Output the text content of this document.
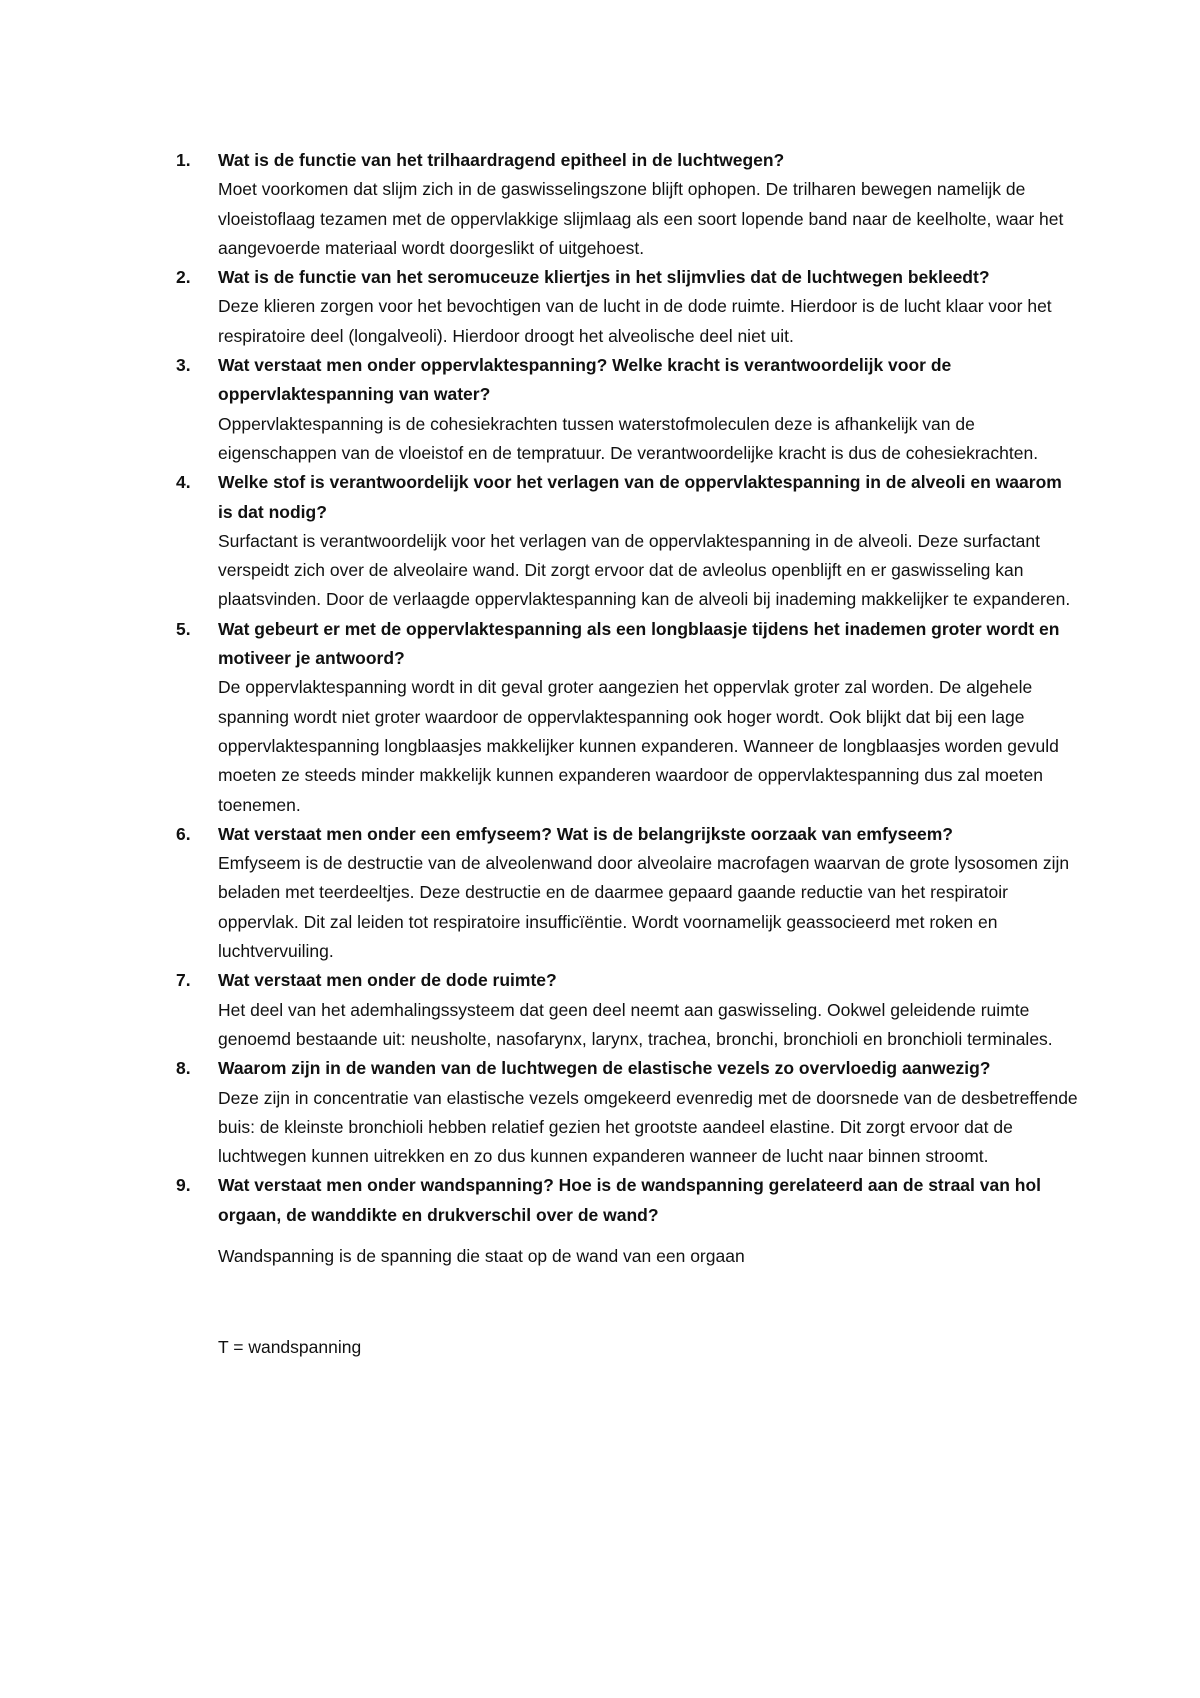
1. Wat is de functie van het trilhaardragend epitheel in de luchtwegen?

Moet voorkomen dat slijm zich in de gaswisselingszone blijft ophopen. De trilharen bewegen namelijk de vloeistoflaag tezamen met de oppervlakkige slijmlaag als een soort lopende band naar de keelholte, waar het aangevoerde materiaal wordt doorgeslikt of uitgehoest.

2. Wat is de functie van het seromuceuze kliertjes in het slijmvlies dat de luchtwegen bekleedt?

Deze klieren zorgen voor het bevochtigen van de lucht in de dode ruimte. Hierdoor is de lucht klaar voor het respiratoire deel (longalveoli). Hierdoor droogt het alveolische deel niet uit.

3. Wat verstaat men onder oppervlaktespanning? Welke kracht is verantwoordelijk voor de oppervlaktespanning van water?

Oppervlaktespanning is de cohesiekrachten tussen waterstofmoleculen deze is afhankelijk van de eigenschappen van de vloeistof en de tempratuur. De verantwoordelijke kracht is dus de cohesiekrachten.

4. Welke stof is verantwoordelijk voor het verlagen van de oppervlaktespanning in de alveoli en waarom is dat nodig?

Surfactant is verantwoordelijk voor het verlagen van de oppervlaktespanning in de alveoli. Deze surfactant verspeidt zich over de alveolaire wand. Dit zorgt ervoor dat de avleolus openblijft en er gaswisseling kan plaatsvinden. Door de verlaagde oppervlaktespanning kan de alveoli bij inademing makkelijker te expanderen.

5. Wat gebeurt er met de oppervlaktespanning als een longblaasje tijdens het inademen groter wordt en motiveer je antwoord?

De oppervlaktespanning wordt in dit geval groter aangezien het oppervlak groter zal worden. De algehele spanning wordt niet groter waardoor de oppervlaktespanning ook hoger wordt. Ook blijkt dat bij een lage oppervlaktespanning longblaasjes makkelijker kunnen expanderen. Wanneer de longblaasjes worden gevuld moeten ze steeds minder makkelijk kunnen expanderen waardoor de oppervlaktespanning dus zal moeten toenemen.

6. Wat verstaat men onder een emfyseem? Wat is de belangrijkste oorzaak van emfyseem?

Emfyseem is de destructie van de alveolenwand door alveolaire macrofagen waarvan de grote lysosomen zijn beladen met teerdeeltjes. Deze destructie en de daarmee gepaard gaande reductie van het respiratoir oppervlak. Dit zal leiden tot respiratoire insufficïëntie. Wordt voornamelijk geassocieerd met roken en luchtvervuiling.

7. Wat verstaat men onder de dode ruimte?

Het deel van het ademhalingssysteem dat geen deel neemt aan gaswisseling. Ookwel geleidende ruimte genoemd bestaande uit: neusholte, nasofarynx, larynx, trachea, bronchi, bronchioli en bronchioli terminales.

8. Waarom zijn in de wanden van de luchtwegen de elastische vezels zo overvloedig aanwezig?

Deze zijn in concentratie van elastische vezels omgekeerd evenredig met de doorsnede van de desbetreffende buis: de kleinste bronchioli hebben relatief gezien het grootste aandeel elastine. Dit zorgt ervoor dat de luchtwegen kunnen uitrekken en zo dus kunnen expanderen wanneer de lucht naar binnen stroomt.

9. Wat verstaat men onder wandspanning? Hoe is de wandspanning gerelateerd aan de straal van hol orgaan, de wanddikte en drukverschil over de wand?

Wandspanning is de spanning die staat op de wand van een orgaan

T = wandspanning
